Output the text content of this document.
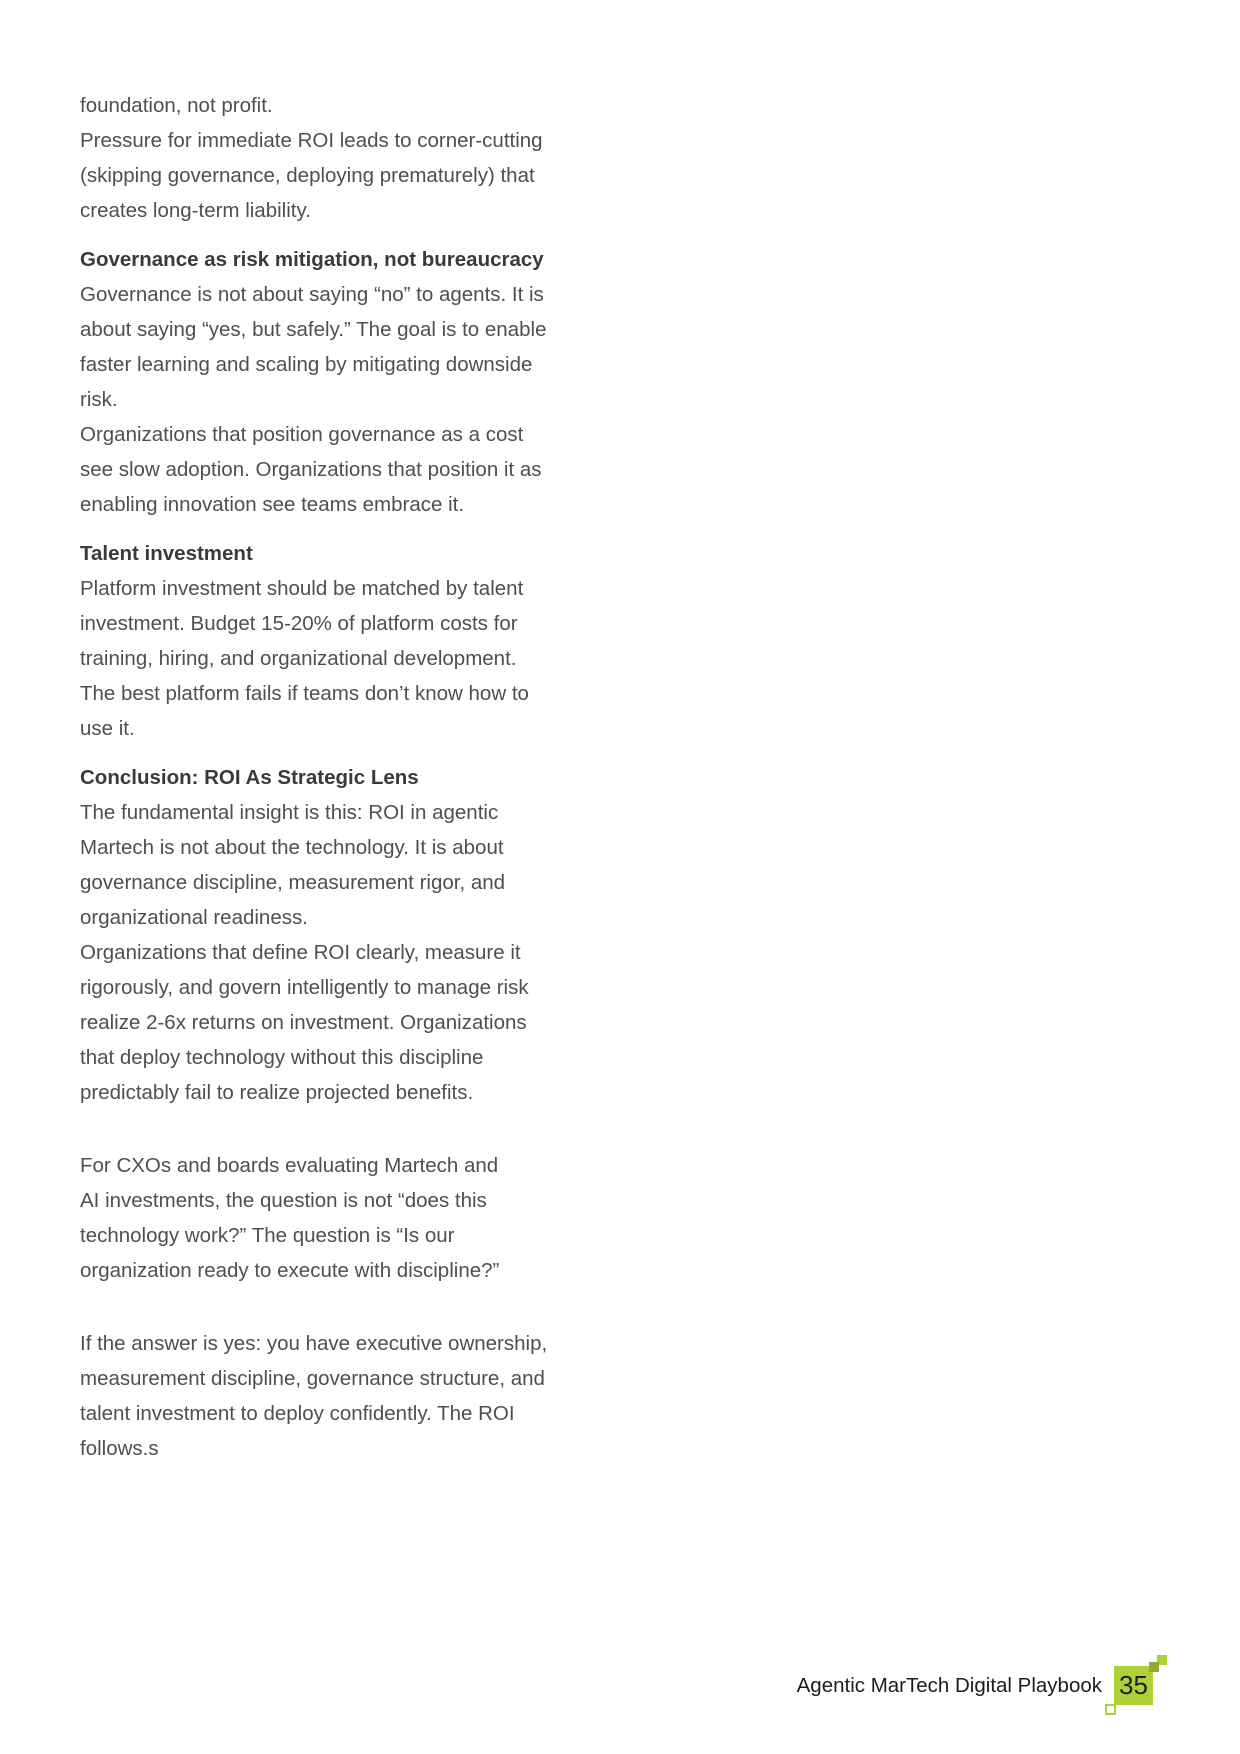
foundation, not profit.
Pressure for immediate ROI leads to corner-cutting
(skipping governance, deploying prematurely) that
creates long-term liability.
Governance as risk mitigation, not bureaucracy
Governance is not about saying “no” to agents. It is
about saying “yes, but safely.” The goal is to enable
faster learning and scaling by mitigating downside
risk.
Organizations that position governance as a cost
see slow adoption. Organizations that position it as
enabling innovation see teams embrace it.
Talent investment
Platform investment should be matched by talent
investment. Budget 15-20% of platform costs for
training, hiring, and organizational development.
The best platform fails if teams don’t know how to
use it.
Conclusion: ROI As Strategic Lens
The fundamental insight is this: ROI in agentic
Martech is not about the technology. It is about
governance discipline, measurement rigor, and
organizational readiness.
Organizations that define ROI clearly, measure it
rigorously, and govern intelligently to manage risk
realize 2-6x returns on investment. Organizations
that deploy technology without this discipline
predictably fail to realize projected benefits.
For CXOs and boards evaluating Martech and
AI investments, the question is not “does this
technology work?” The question is “Is our
organization ready to execute with discipline?”
If the answer is yes: you have executive ownership,
measurement discipline, governance structure, and
talent investment to deploy confidently. The ROI
follows.s
Agentic MarTech Digital Playbook 35
